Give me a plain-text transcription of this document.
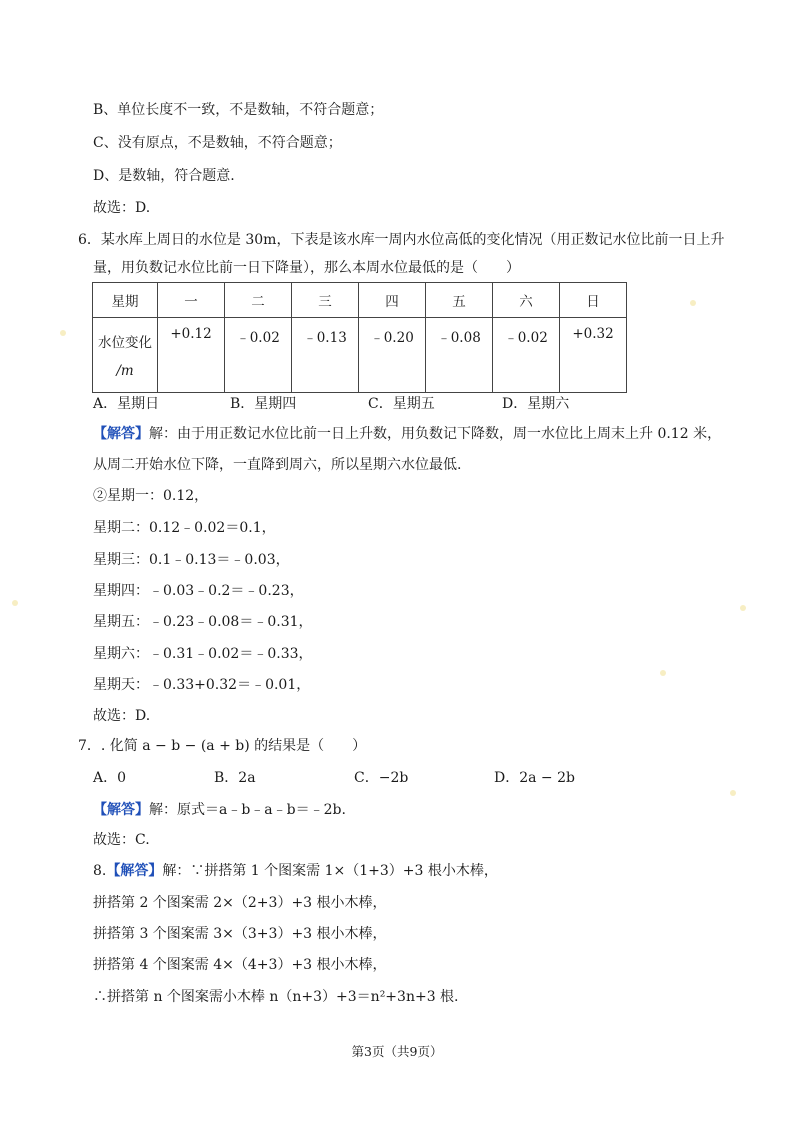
B、单位长度不一致，不是数轴，不符合题意；
C、没有原点，不是数轴，不符合题意；
D、是数轴，符合题意.
故选：D.
6．某水库上周日的水位是 30m，下表是该水库一周内水位高低的变化情况（用正数记水位比前一日上升
量，用负数记水位比前一日下降量），那么本周水位最低的是（　　）
星期	一	二	三	四	五	六	日

水位变化
/m	+0.12	﹣0.02	﹣0.13	﹣0.20	﹣0.08	﹣0.02	+0.32
A．星期日	B．星期四	C．星期五	D．星期六
【解答】解：由于用正数记水位比前一日上升数，用负数记下降数，周一水位比上周末上升 0.12 米，
从周二开始水位下降，一直降到周六，所以星期六水位最低.
②星期一：0.12，
星期二：0.12﹣0.02＝0.1，
星期三：0.1﹣0.13＝﹣0.03，
星期四：﹣0.03﹣0.2＝﹣0.23，
星期五：﹣0.23﹣0.08＝﹣0.31，
星期六：﹣0.31﹣0.02＝﹣0.33，
星期天：﹣0.33+0.32＝﹣0.01，
故选：D.
7．. 化简 a − b − (a + b) 的结果是（　　）
A．0	B．2a	C．−2b	D．2a − 2b
【解答】解：原式＝a﹣b﹣a﹣b＝﹣2b.
故选：C.
8.【解答】解：∵拼搭第 1 个图案需 1×（1+3）+3 根小木棒，
拼搭第 2 个图案需 2×（2+3）+3 根小木棒，
拼搭第 3 个图案需 3×（3+3）+3 根小木棒，
拼搭第 4 个图案需 4×（4+3）+3 根小木棒，
∴拼搭第 n 个图案需小木棒 n（n+3）+3＝n²+3n+3 根.
第3页（共9页）
